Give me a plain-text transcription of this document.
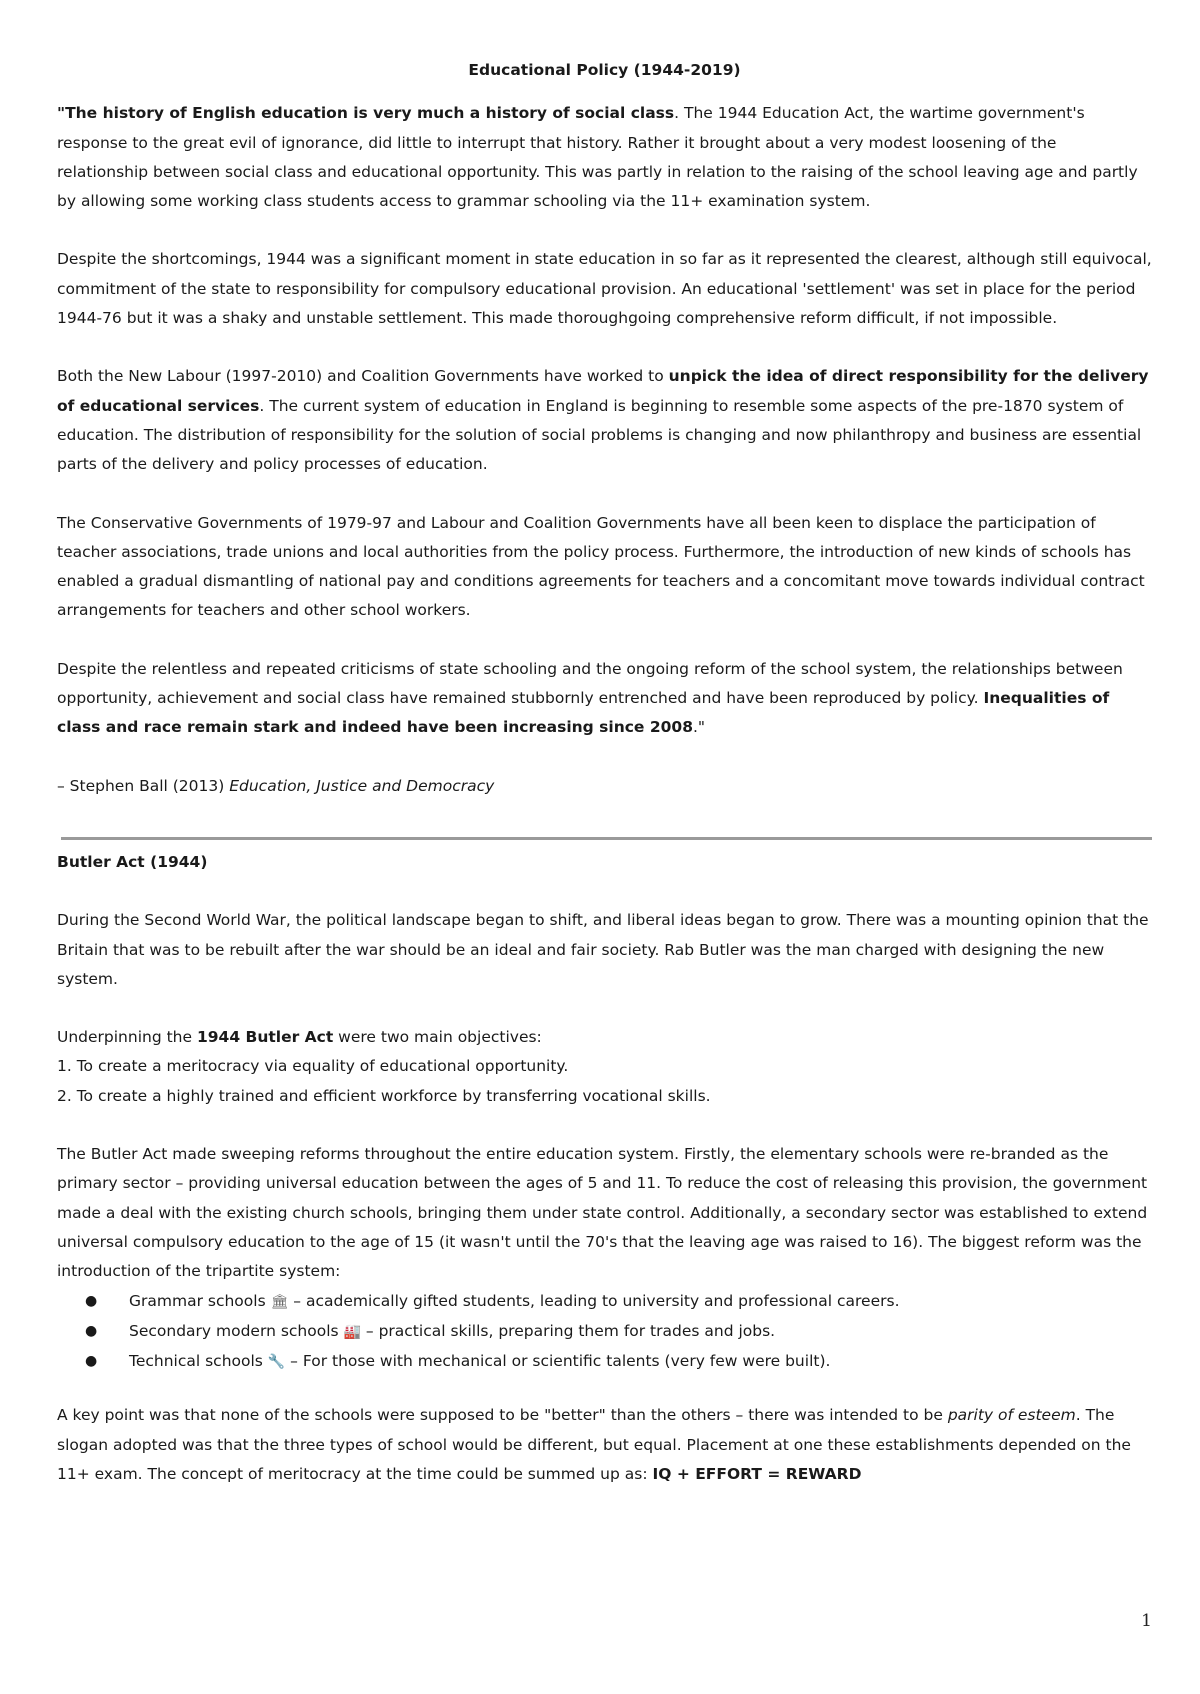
Educational Policy (1944-2019)

"The history of English education is very much a history of social class. The 1944 Education Act, the wartime government's response to the great evil of ignorance, did little to interrupt that history. Rather it brought about a very modest loosening of the relationship between social class and educational opportunity. This was partly in relation to the raising of the school leaving age and partly by allowing some working class students access to grammar schooling via the 11+ examination system.

Despite the shortcomings, 1944 was a significant moment in state education in so far as it represented the clearest, although still equivocal, commitment of the state to responsibility for compulsory educational provision. An educational 'settlement' was set in place for the period 1944-76 but it was a shaky and unstable settlement. This made thoroughgoing comprehensive reform difficult, if not impossible.

Both the New Labour (1997-2010) and Coalition Governments have worked to unpick the idea of direct responsibility for the delivery of educational services. The current system of education in England is beginning to resemble some aspects of the pre-1870 system of education. The distribution of responsibility for the solution of social problems is changing and now philanthropy and business are essential parts of the delivery and policy processes of education.

The Conservative Governments of 1979-97 and Labour and Coalition Governments have all been keen to displace the participation of teacher associations, trade unions and local authorities from the policy process. Furthermore, the introduction of new kinds of schools has enabled a gradual dismantling of national pay and conditions agreements for teachers and a concomitant move towards individual contract arrangements for teachers and other school workers.

Despite the relentless and repeated criticisms of state schooling and the ongoing reform of the school system, the relationships between opportunity, achievement and social class have remained stubbornly entrenched and have been reproduced by policy. Inequalities of class and race remain stark and indeed have been increasing since 2008."

– Stephen Ball (2013) Education, Justice and Democracy

Butler Act (1944)

During the Second World War, the political landscape began to shift, and liberal ideas began to grow. There was a mounting opinion that the Britain that was to be rebuilt after the war should be an ideal and fair society. Rab Butler was the man charged with designing the new system.

Underpinning the 1944 Butler Act were two main objectives:
1. To create a meritocracy via equality of educational opportunity.
2. To create a highly trained and efficient workforce by transferring vocational skills.

The Butler Act made sweeping reforms throughout the entire education system. Firstly, the elementary schools were re-branded as the primary sector – providing universal education between the ages of 5 and 11. To reduce the cost of releasing this provision, the government made a deal with the existing church schools, bringing them under state control. Additionally, a secondary sector was established to extend universal compulsory education to the age of 15 (it wasn't until the 70's that the leaving age was raised to 16). The biggest reform was the introduction of the tripartite system:

● Grammar schools 🏛 – academically gifted students, leading to university and professional careers.
● Secondary modern schools 🏭 – practical skills, preparing them for trades and jobs.
● Technical schools 🔧 – For those with mechanical or scientific talents (very few were built).

A key point was that none of the schools were supposed to be "better" than the others – there was intended to be parity of esteem. The slogan adopted was that the three types of school would be different, but equal. Placement at one these establishments depended on the 11+ exam. The concept of meritocracy at the time could be summed up as: IQ + EFFORT = REWARD

1
